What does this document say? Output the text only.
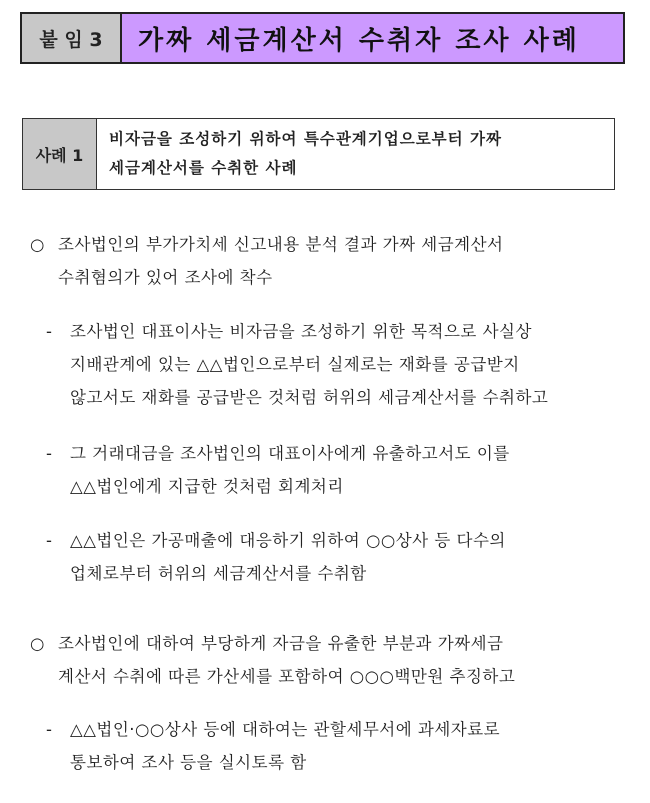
붙 임 3	가짜 세금계산서 수취자 조사 사례
사례 1
비자금을 조성하기 위하여 특수관계기업으로부터 가짜
세금계산서를 수취한 사례
○ 조사법인의 부가가치세 신고내용 분석 결과 가짜 세금계산서
수취혐의가 있어 조사에 착수
- 조사법인 대표이사는 비자금을 조성하기 위한 목적으로 사실상
지배관계에 있는 △△법인으로부터 실제로는 재화를 공급받지
않고서도 재화를 공급받은 것처럼 허위의 세금계산서를 수취하고
- 그 거래대금을 조사법인의 대표이사에게 유출하고서도 이를
△△법인에게 지급한 것처럼 회계처리
- △△법인은 가공매출에 대응하기 위하여 ○○상사 등 다수의
업체로부터 허위의 세금계산서를 수취함
○ 조사법인에 대하여 부당하게 자금을 유출한 부분과 가짜세금
계산서 수취에 따른 가산세를 포함하여 ○○○백만원 추징하고
- △△법인·○○상사 등에 대하여는 관할세무서에 과세자료로
통보하여 조사 등을 실시토록 함
